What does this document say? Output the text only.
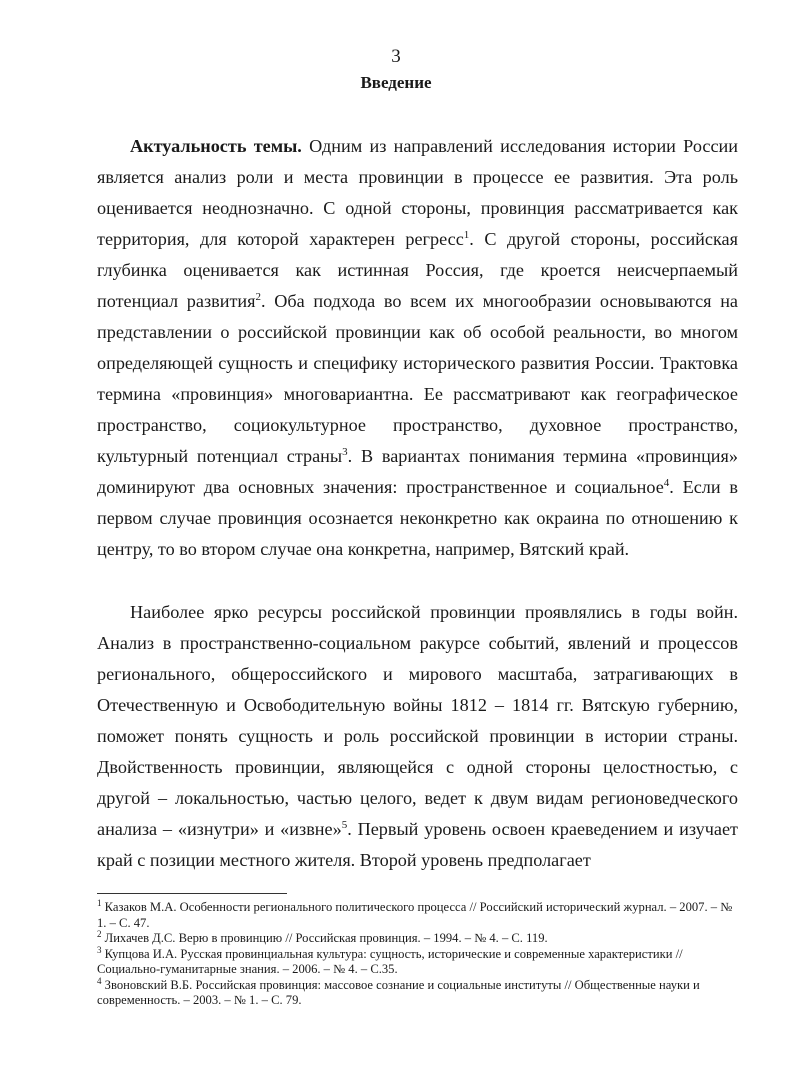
3
Введение

Актуальность темы. Одним из направлений исследования истории России является анализ роли и места провинции в процессе ее развития. Эта роль оценивается неоднозначно. С одной стороны, провинция рассматривается как территория, для которой характерен регресс$^1$. С другой стороны, российская глубинка оценивается как истинная Россия, где кроется неисчерпаемый потенциал развития$^2$. Оба подхода во всем их многообразии основываются на представлении о российской провинции как об особой реальности, во многом определяющей сущность и специфику исторического развития России. Трактовка термина «провинция» многовариантна. Ее рассматривают как географическое пространство, социокультурное пространство, духовное пространство, культурный потенциал страны$^3$. В вариантах понимания термина «провинция» доминируют два основных значения: пространственное и социальное$^4$. Если в первом случае провинция осознается неконкретно как окраина по отношению к центру, то во втором случае она конкретна, например, Вятский край.

Наиболее ярко ресурсы российской провинции проявлялись в годы войн. Анализ в пространственно-социальном ракурсе событий, явлений и процессов регионального, общероссийского и мирового масштаба, затрагивающих в Отечественную и Освободительную войны 1812 – 1814 гг. Вятскую губернию, поможет понять сущность и роль российской провинции в истории страны. Двойственность провинции, являющейся с одной стороны целостностью, с другой – локальностью, частью целого, ведет к двум видам регионоведческого анализа – «изнутри» и «извне»$^5$. Первый уровень освоен краеведением и изучает край с позиции местного жителя. Второй уровень предполагает

$^1$ Казаков М.А. Особенности регионального политического процесса // Российский исторический журнал. – 2007. – № 1. – С. 47.

$^2$ Лихачев Д.С. Верю в провинцию // Российская провинция. – 1994. – № 4. – С. 119.

$^3$ Купцова И.А. Русская провинциальная культура: сущность, исторические и современные характеристики // Социально-гуманитарные знания. – 2006. – № 4. – С.35.

$^4$ Звоновский В.Б. Российская провинция: массовое сознание и социальные институты // Общественные науки и современность. – 2003. – № 1. – С. 79.
